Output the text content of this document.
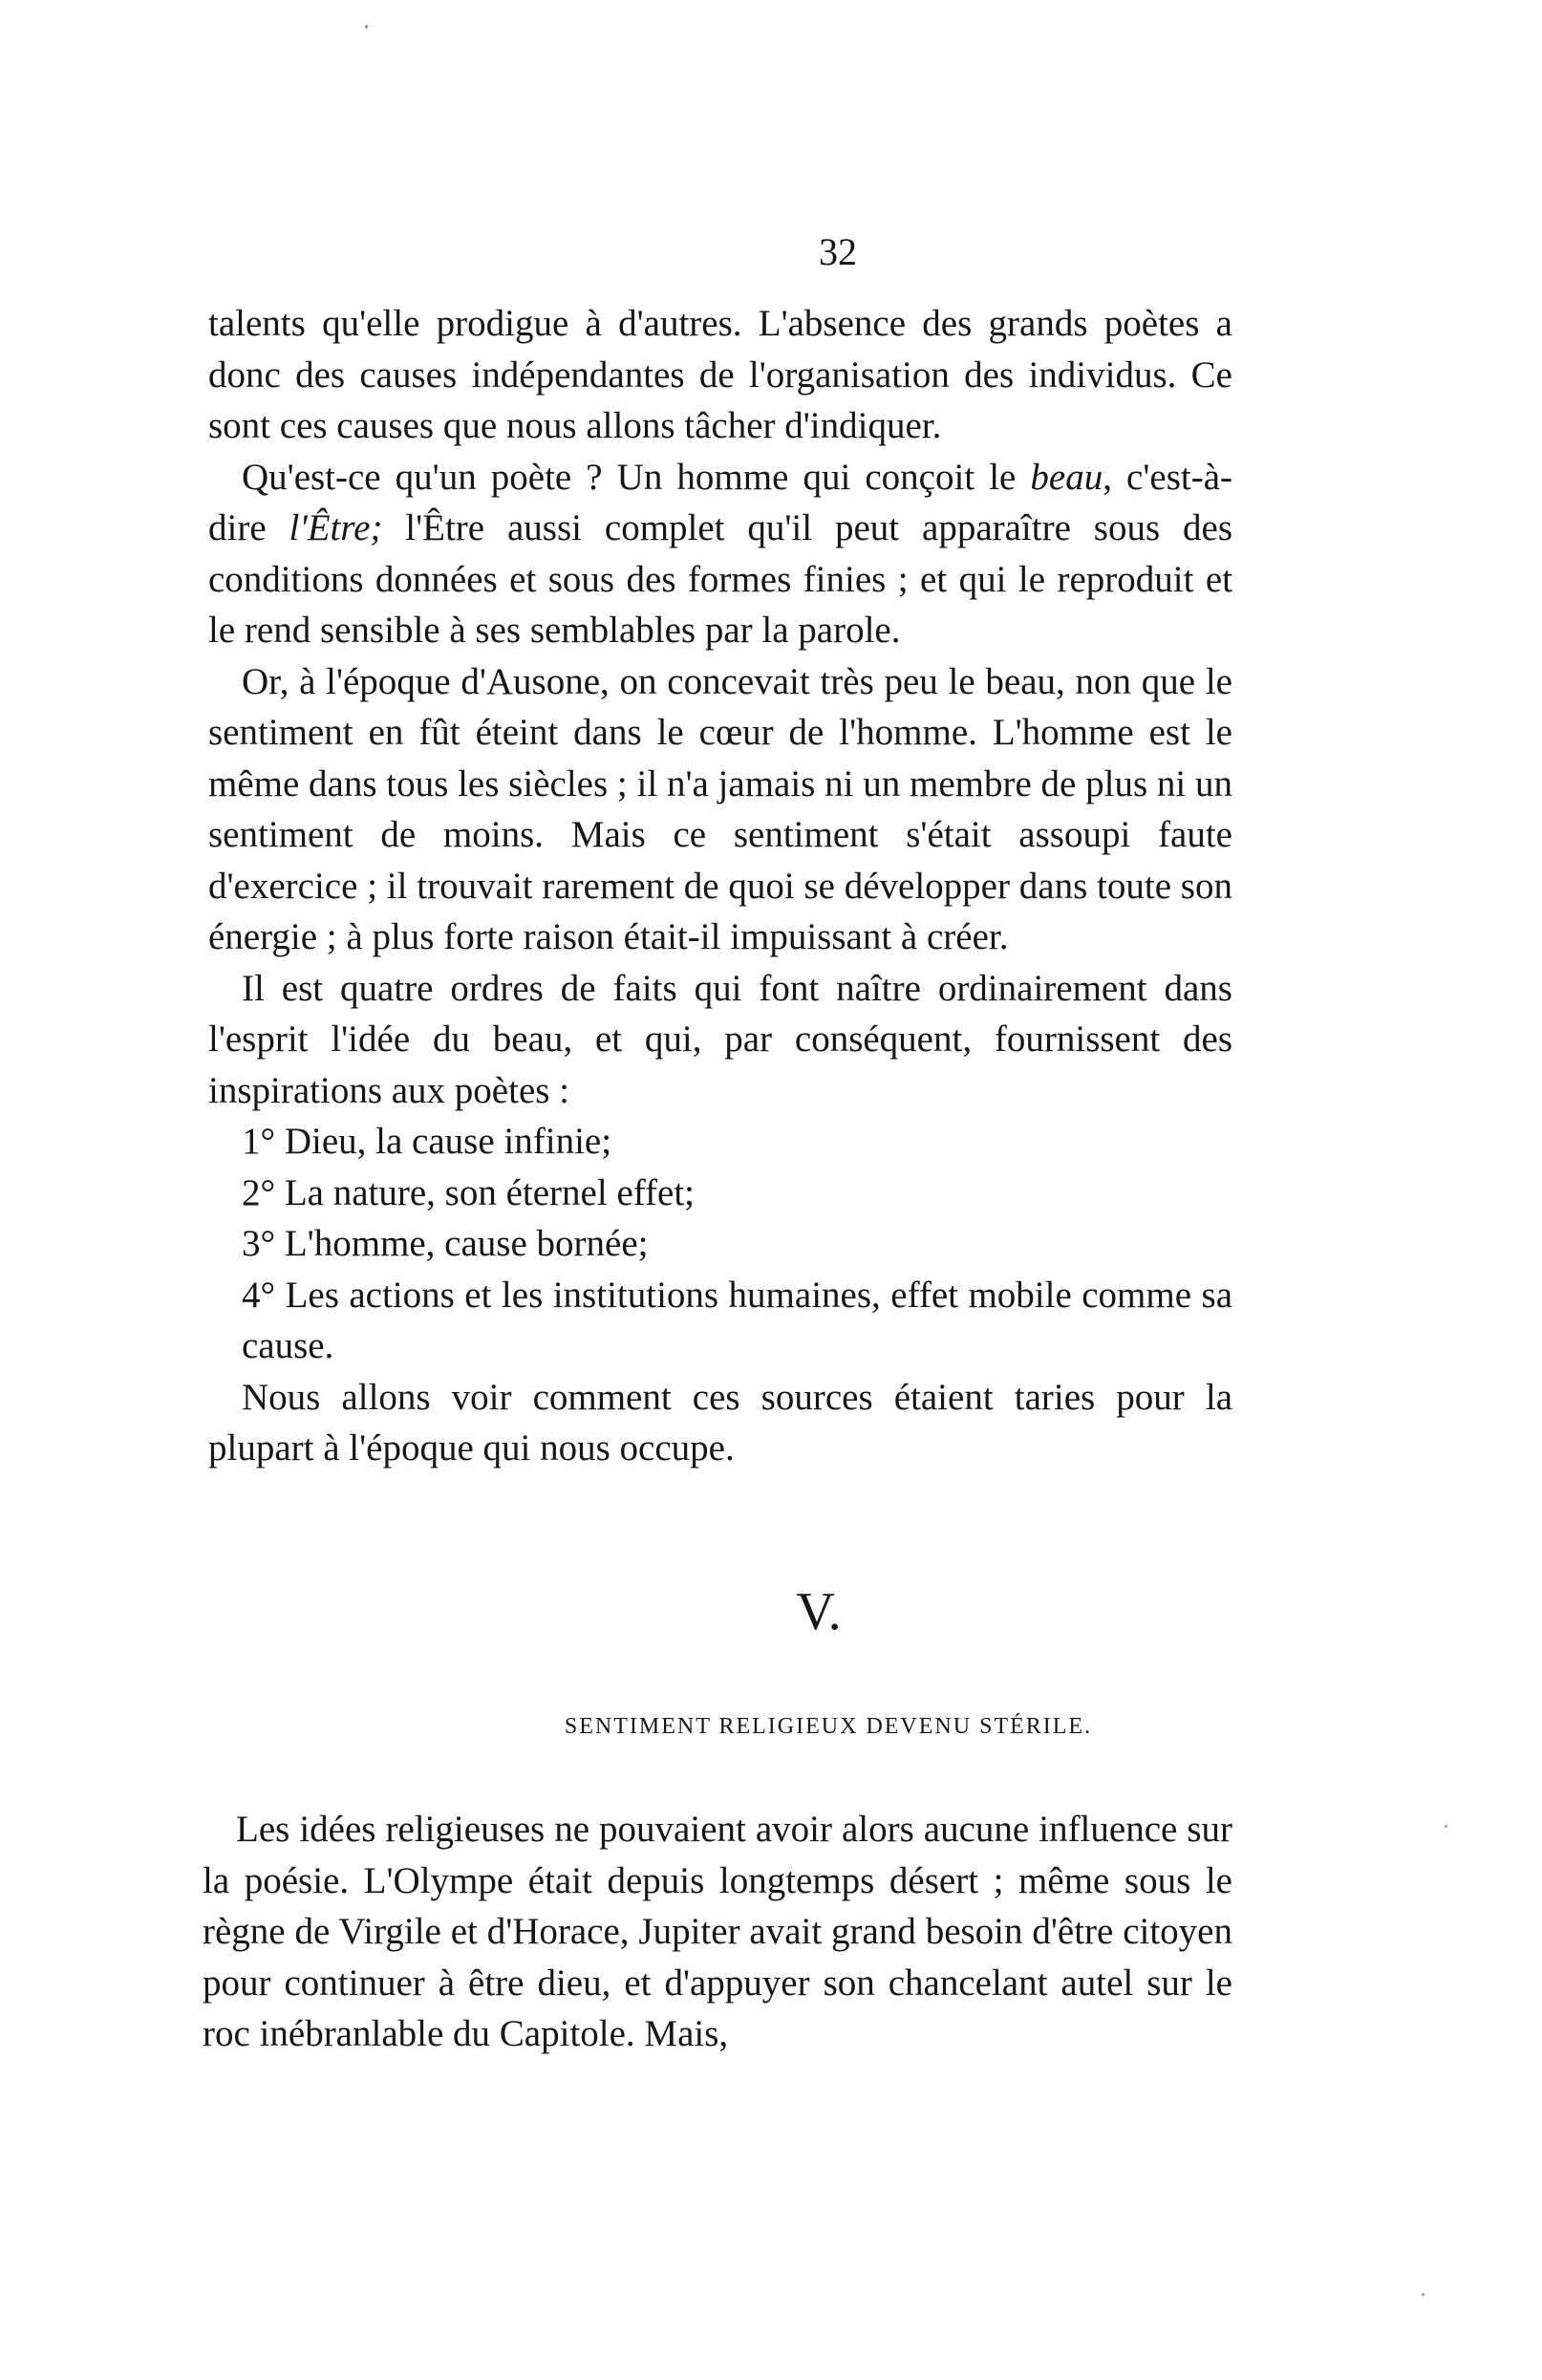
32

talents qu'elle prodigue à d'autres. L'absence des grands poètes a donc des causes indépendantes de l'organisation des individus. Ce sont ces causes que nous allons tâcher d'indiquer.

Qu'est-ce qu'un poète ? Un homme qui conçoit le beau, c'est-à-dire l'Être; l'Être aussi complet qu'il peut apparaître sous des conditions données et sous des formes finies ; et qui le reproduit et le rend sensible à ses semblables par la parole.

Or, à l'époque d'Ausone, on concevait très peu le beau, non que le sentiment en fût éteint dans le cœur de l'homme. L'homme est le même dans tous les siècles ; il n'a jamais ni un membre de plus ni un sentiment de moins. Mais ce sentiment s'était assoupi faute d'exercice ; il trouvait rarement de quoi se développer dans toute son énergie ; à plus forte raison était-il impuissant à créer.

Il est quatre ordres de faits qui font naître ordinairement dans l'esprit l'idée du beau, et qui, par conséquent, fournissent des inspirations aux poètes :

1° Dieu, la cause infinie;

2° La nature, son éternel effet;

3° L'homme, cause bornée;

4° Les actions et les institutions humaines, effet mobile comme sa cause.

Nous allons voir comment ces sources étaient taries pour la plupart à l'époque qui nous occupe.

V.
SENTIMENT RELIGIEUX DEVENU STÉRILE.

Les idées religieuses ne pouvaient avoir alors aucune influence sur la poésie. L'Olympe était depuis longtemps désert ; même sous le règne de Virgile et d'Horace, Jupiter avait grand besoin d'être citoyen pour continuer à être dieu, et d'appuyer son chancelant autel sur le roc inébranlable du Capitole. Mais,
